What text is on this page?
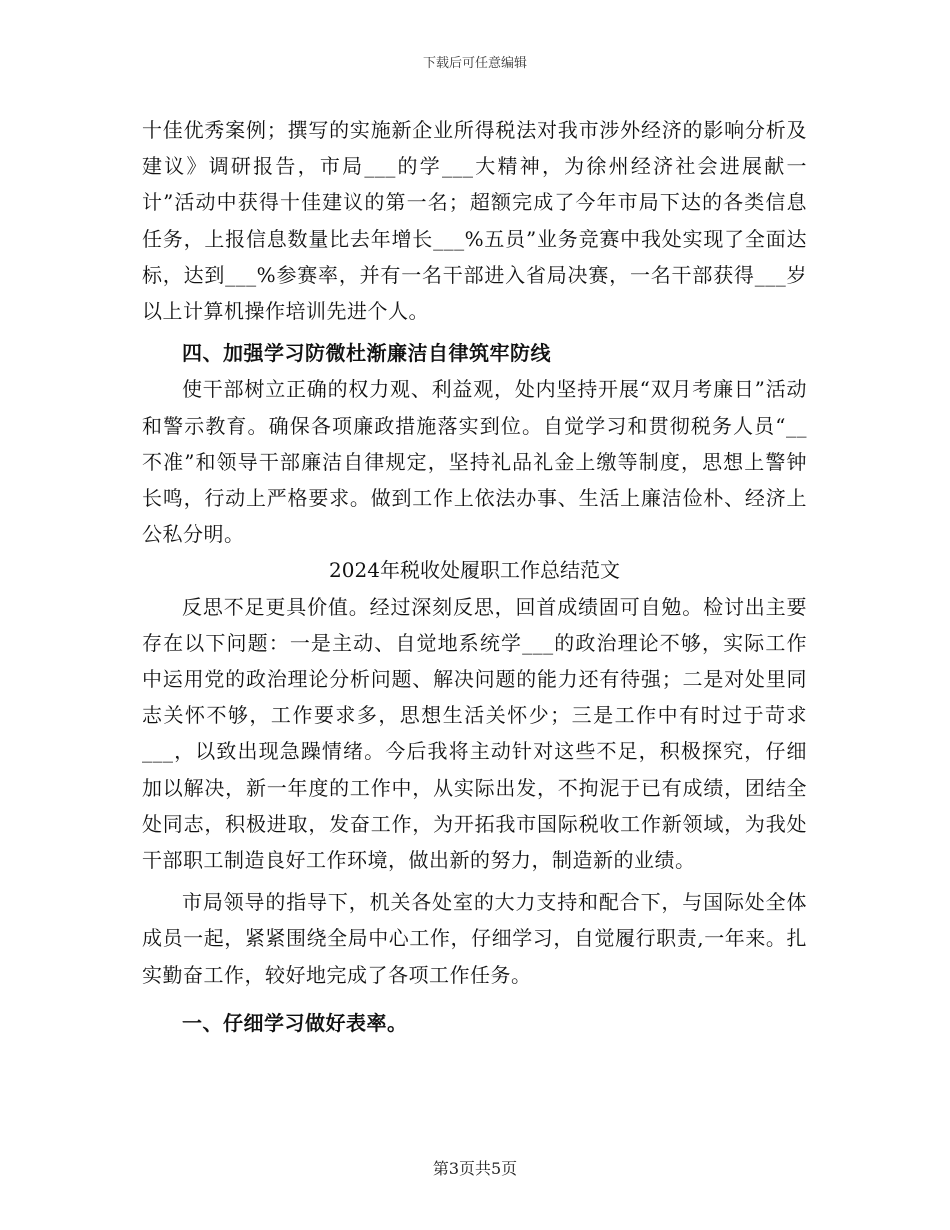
下载后可任意编辑

十佳优秀案例；撰写的实施新企业所得税法对我市涉外经济的影响分析及建议》调研报告，市局___的学___大精神，为徐州经济社会进展献一计”活动中获得十佳建议的第一名；超额完成了今年市局下达的各类信息任务，上报信息数量比去年增长___%五员”业务竞赛中我处实现了全面达标，达到___%参赛率，并有一名干部进入省局决赛，一名干部获得___岁以上计算机操作培训先进个人。

四、加强学习防微杜渐廉洁自律筑牢防线

使干部树立正确的权力观、利益观，处内坚持开展“双月考廉日”活动和警示教育。确保各项廉政措施落实到位。自觉学习和贯彻税务人员“__不准”和领导干部廉洁自律规定，坚持礼品礼金上缴等制度，思想上警钟长鸣，行动上严格要求。做到工作上依法办事、生活上廉洁俭朴、经济上公私分明。

2024年税收处履职工作总结范文

反思不足更具价值。经过深刻反思，回首成绩固可自勉。检讨出主要存在以下问题：一是主动、自觉地系统学___的政治理论不够，实际工作中运用党的政治理论分析问题、解决问题的能力还有待强；二是对处里同志关怀不够，工作要求多，思想生活关怀少；三是工作中有时过于苛求___，以致出现急躁情绪。今后我将主动针对这些不足，积极探究，仔细加以解决，新一年度的工作中，从实际出发，不拘泥于已有成绩，团结全处同志，积极进取，发奋工作，为开拓我市国际税收工作新领域，为我处干部职工制造良好工作环境，做出新的努力，制造新的业绩。

市局领导的指导下，机关各处室的大力支持和配合下，与国际处全体成员一起，紧紧围绕全局中心工作，仔细学习，自觉履行职责,一年来。扎实勤奋工作，较好地完成了各项工作任务。

一、仔细学习做好表率。

第3页共5页
